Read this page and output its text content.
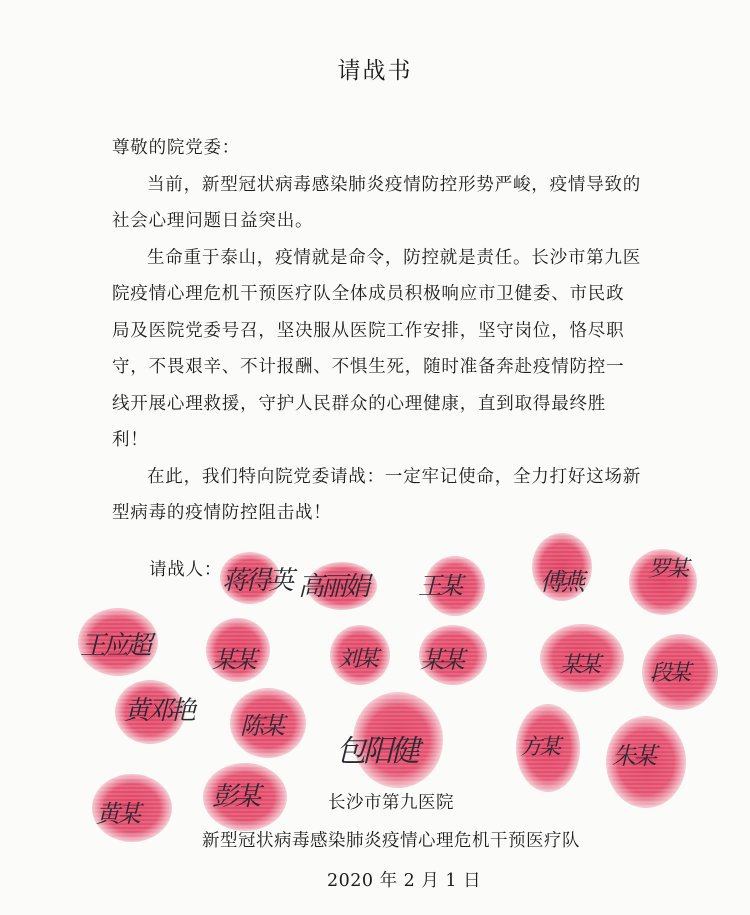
请战书

尊敬的院党委：

当前，新型冠状病毒感染肺炎疫情防控形势严峻，疫情导致的社会心理问题日益突出。

生命重于泰山，疫情就是命令，防控就是责任。长沙市第九医院疫情心理危机干预医疗队全体成员积极响应市卫健委、市民政局及医院党委号召，坚决服从医院工作安排，坚守岗位，恪尽职守，不畏艰辛、不计报酬、不惧生死，随时准备奔赴疫情防控一线开展心理救援，守护人民群众的心理健康，直到取得最终胜利！

在此，我们特向院党委请战：一定牢记使命，全力打好这场新型病毒的疫情防控阻击战！

请战人： 蒋得英 高丽娟 王某	傅燕	罗某
王应超	某某	刘某 某某	某某 段某
黄邓艳 陈某
包阳健	方某 朱某
黄某
彭某	长沙市第九医院
新型冠状病毒感染肺炎疫情心理危机干预医疗队
2020 年 2 月 1 日
